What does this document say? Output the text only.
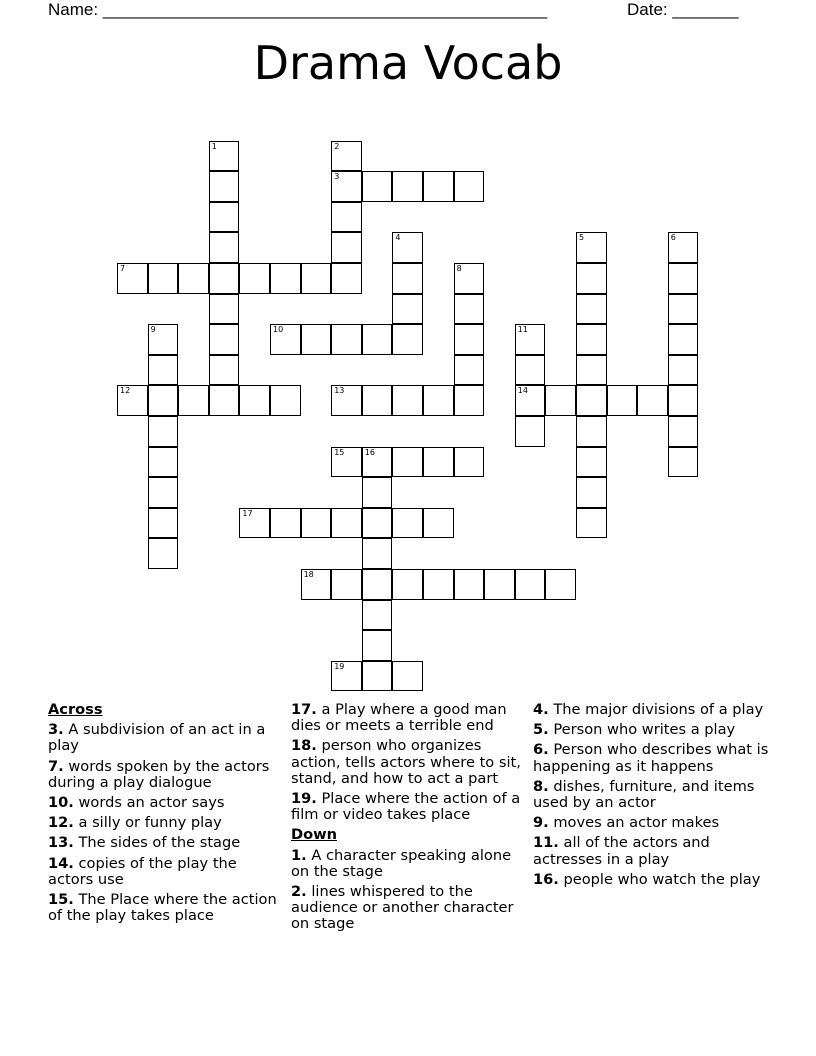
Name: _______________________________________________	Date: _______
Drama Vocab
1	2
3
4	5	6
7	8
9	10	11
12	13	14
15	16
17
18
19
Across
3. A subdivision of an act in a play
7. words spoken by the actors during a play dialogue
10. words an actor says
12. a silly or funny play
13. The sides of the stage
14. copies of the play the actors use
15. The Place where the action of the play takes place
17. a Play where a good man dies or meets a terrible end
18. person who organizes action, tells actors where to sit, stand, and how to act a part
19. Place where the action of a film or video takes place
Down
1. A character speaking alone on the stage
2. lines whispered to the audience or another character on stage
4. The major divisions of a play
5. Person who writes a play
6. Person who describes what is happening as it happens
8. dishes, furniture, and items used by an actor
9. moves an actor makes
11. all of the actors and actresses in a play
16. people who watch the play
